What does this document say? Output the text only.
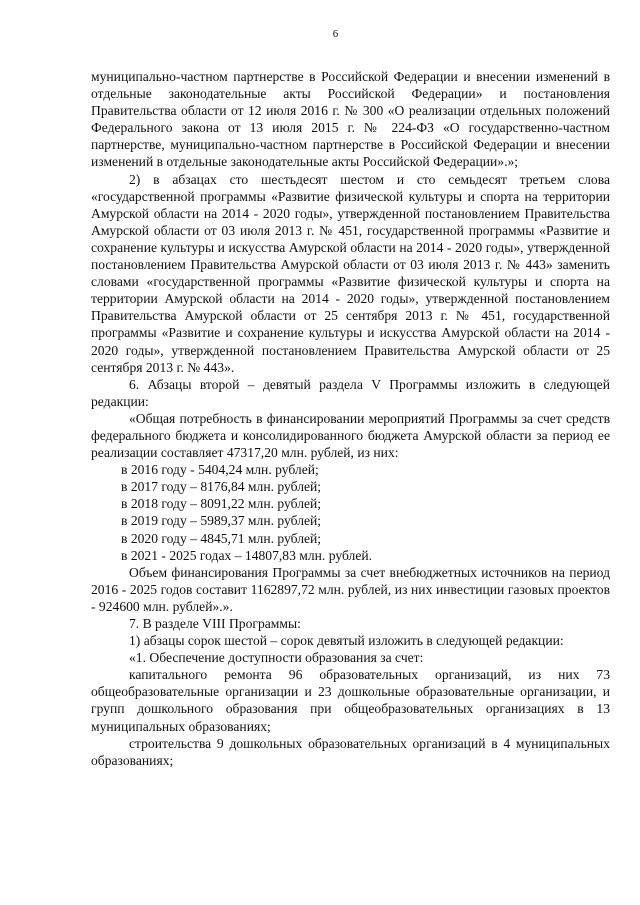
6

муниципально-частном партнерстве в Российской Федерации и внесении изменений в отдельные законодательные акты Российской Федерации» и постановления Правительства области от 12 июля 2016 г. № 300 «О реализации отдельных положений Федерального закона от 13 июля 2015 г. № 224-ФЗ «О государственно-частном партнерстве, муниципально-частном партнерстве в Российской Федерации и внесении изменений в отдельные законодательные акты Российской Федерации».»;

2) в абзацах сто шестьдесят шестом и сто семьдесят третьем слова «государственной программы «Развитие физической культуры и спорта на территории Амурской области на 2014 - 2020 годы», утвержденной постановлением Правительства Амурской области от 03 июля 2013 г. № 451, государственной программы «Развитие и сохранение культуры и искусства Амурской области на 2014 - 2020 годы», утвержденной постановлением Правительства Амурской области от 03 июля 2013 г. № 443» заменить словами «государственной программы «Развитие физической культуры и спорта на территории Амурской области на 2014 - 2020 годы», утвержденной постановлением Правительства Амурской области от 25 сентября 2013 г. № 451, государственной программы «Развитие и сохранение культуры и искусства Амурской области на 2014 - 2020 годы», утвержденной постановлением Правительства Амурской области от 25 сентября 2013 г. № 443».

6. Абзацы второй – девятый раздела V Программы изложить в следующей редакции:

«Общая потребность в финансировании мероприятий Программы за счет средств федерального бюджета и консолидированного бюджета Амурской области за период ее реализации составляет 47317,20 млн. рублей, из них:

в 2016 году - 5404,24 млн. рублей;

в 2017 году – 8176,84 млн. рублей;

в 2018 году – 8091,22 млн. рублей;

в 2019 году – 5989,37 млн. рублей;

в 2020 году – 4845,71 млн. рублей;

в 2021 - 2025 годах – 14807,83 млн. рублей.

Объем финансирования Программы за счет внебюджетных источников на период 2016 - 2025 годов составит 1162897,72 млн. рублей, из них инвестиции газовых проектов - 924600 млн. рублей».».

7. В разделе VIII Программы:

1) абзацы сорок шестой – сорок девятый изложить в следующей редакции:

«1. Обеспечение доступности образования за счет:

капитального ремонта 96 образовательных организаций, из них 73 общеобразовательные организации и 23 дошкольные образовательные организации, и групп дошкольного образования при общеобразовательных организациях в 13 муниципальных образованиях;

строительства 9 дошкольных образовательных организаций в 4 муниципальных образованиях;
